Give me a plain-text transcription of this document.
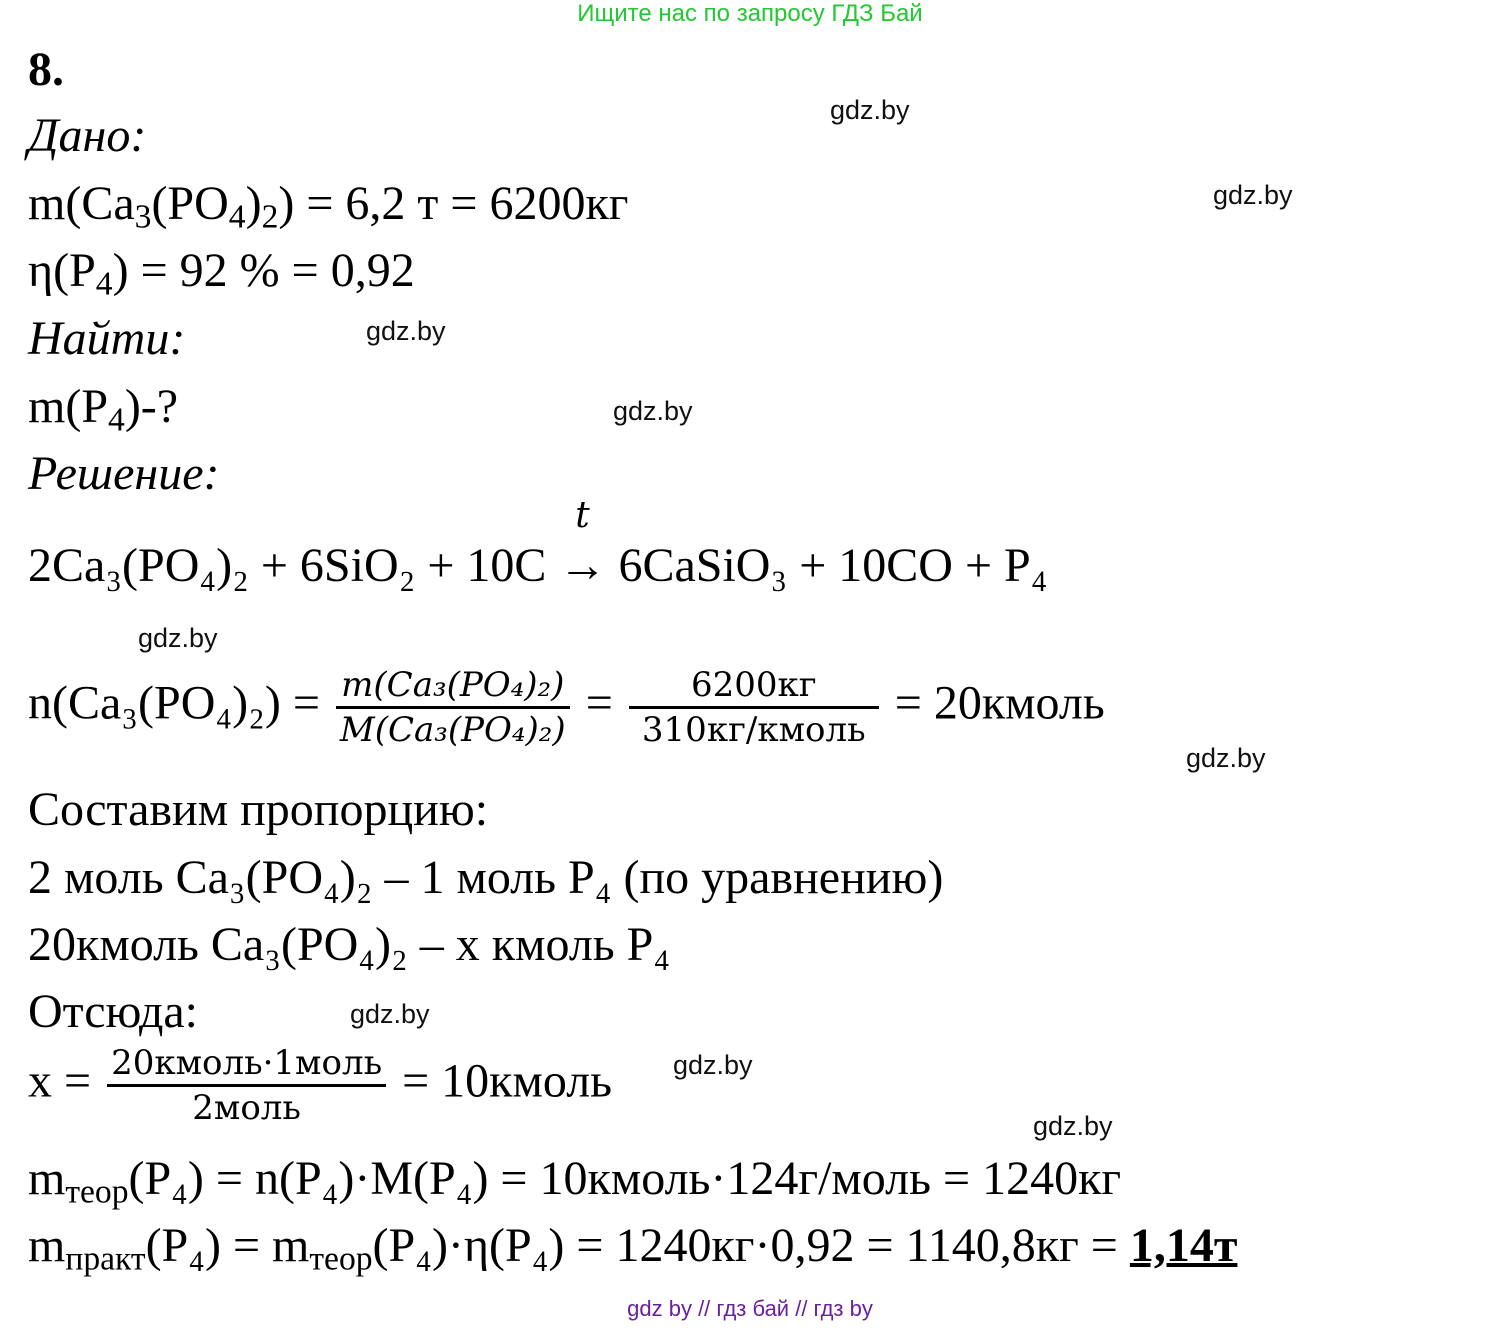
Ищите нас по запросу ГДЗ Бай
8.
gdz.by
Дано:
$m(Ca_3(PO_4)_2) = 6,2$ т = 6200кг	gdz.by
$\eta(P_4) = 92$ % = 0,92
Найти:	gdz.by
$m(P_4)-$?	gdz.by
Решение:
2Ca₃(PO₄)₂ + 6SiO₂ + 10C
t
→ 6CaSiO₃ + 10CO + P₄
gdz.by
$n(Ca_3(PO_4)_2) = \frac{\text{m(Ca₃(PO₄)₂)}}{\text{M(Ca₃(PO₄)₂)}} = \frac{6200кг}{\text{310кг/кмоль}}$ = 20кмоль
gdz.by
Составим пропорцию:
2 моль Ca₃(PO₄)₂ – 1 моль P₄ (по уравнению)
20кмоль Ca₃(PO₄)₂ – x кмоль P₄
Отсюда:	gdz.by
$x = \frac{\text{20кмоль·1моль}}{\text{2моль}}$ = 10кмоль gdz.by
gdz.by
$m_{теор}(P_4) = n(P_4)\cdot M(P_4)$ = 10кмоль·124г/моль = 1240кг
$m_{практ}(P_4) = m_{теор}(P_4)\cdot\eta(P_4) = 1240кг\cdot 0,92 = 1140,8кг = 1,14т$
gdz by // гдз бай // гдз by
